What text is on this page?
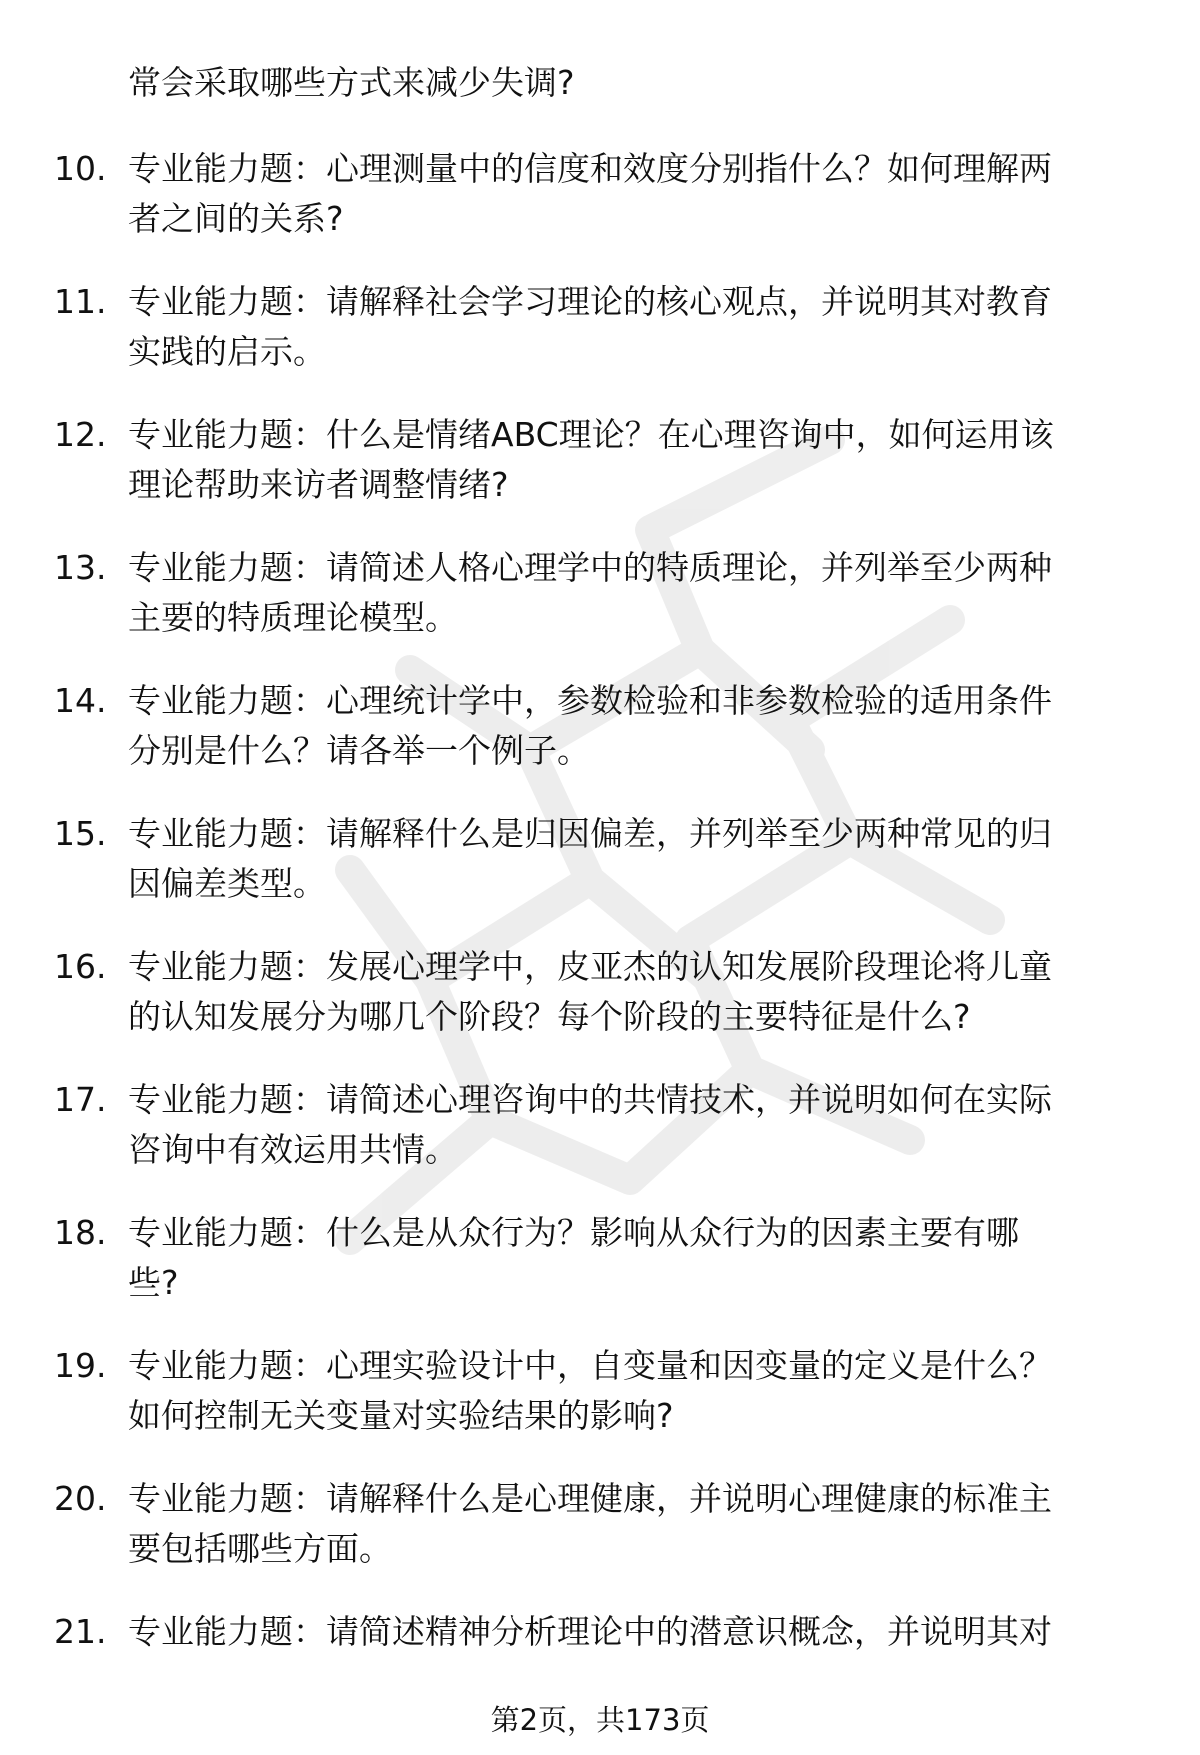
常会采取哪些方式来减少失调?

10. 专业能力题：心理测量中的信度和效度分别指什么？如何理解两
者之间的关系?

11. 专业能力题：请解释社会学习理论的核心观点，并说明其对教育
实践的启示。

12. 专业能力题：什么是情绪ABC理论？在心理咨询中，如何运用该
理论帮助来访者调整情绪?

13. 专业能力题：请简述人格心理学中的特质理论，并列举至少两种
主要的特质理论模型。

14. 专业能力题：心理统计学中，参数检验和非参数检验的适用条件
分别是什么？请各举一个例子。

15. 专业能力题：请解释什么是归因偏差，并列举至少两种常见的归
因偏差类型。

16. 专业能力题：发展心理学中，皮亚杰的认知发展阶段理论将儿童
的认知发展分为哪几个阶段？每个阶段的主要特征是什么?

17. 专业能力题：请简述心理咨询中的共情技术，并说明如何在实际
咨询中有效运用共情。

18. 专业能力题：什么是从众行为？影响从众行为的因素主要有哪
些?

19. 专业能力题：心理实验设计中，自变量和因变量的定义是什么？
如何控制无关变量对实验结果的影响?

20. 专业能力题：请解释什么是心理健康，并说明心理健康的标准主
要包括哪些方面。

21. 专业能力题：请简述精神分析理论中的潜意识概念，并说明其对

第2页，共173页
